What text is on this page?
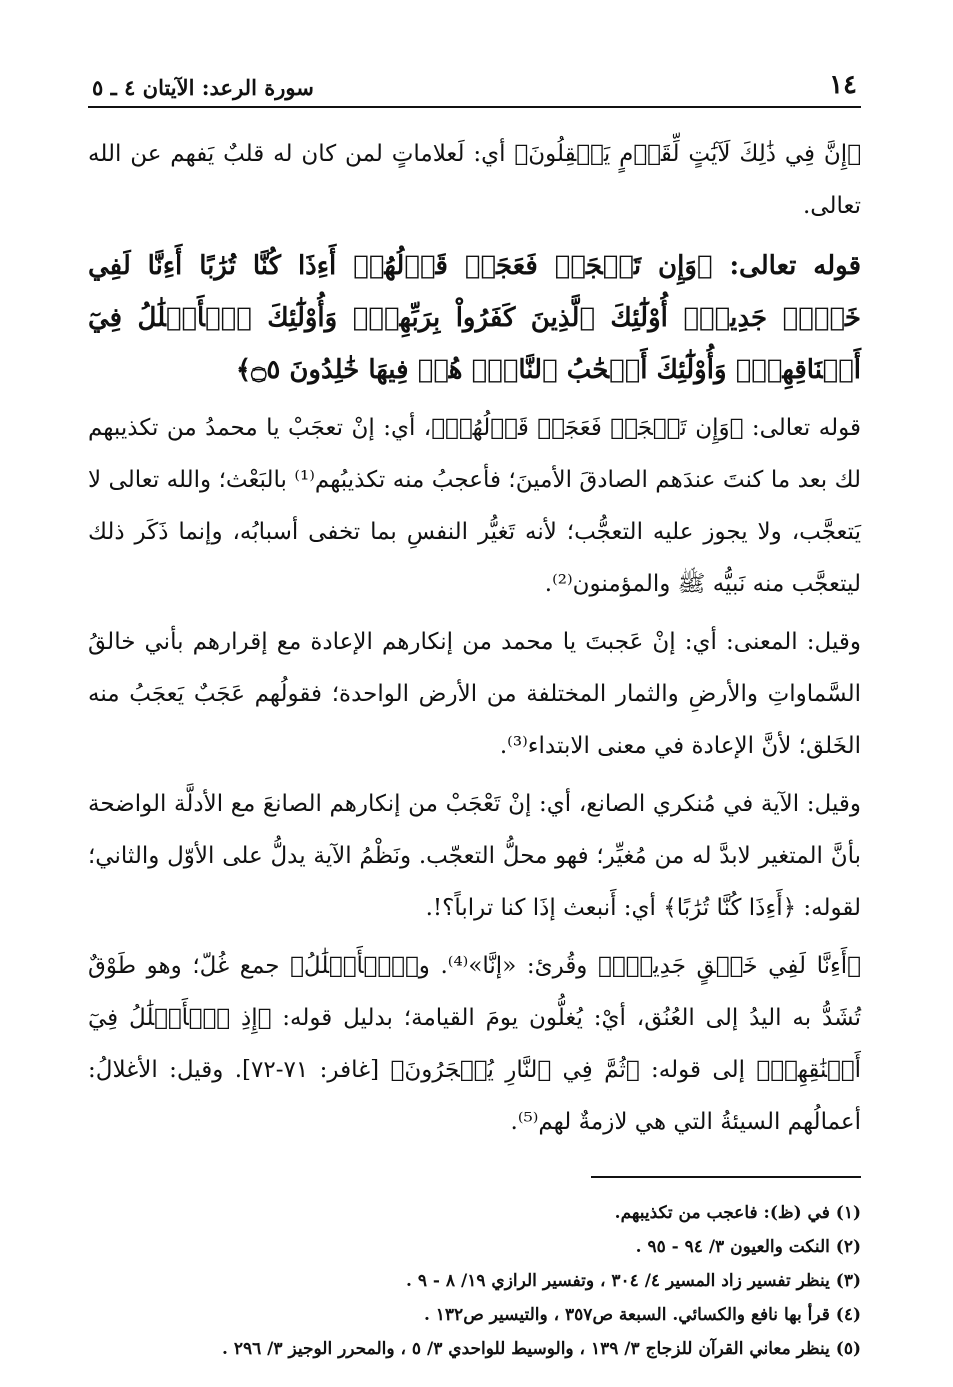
١٤
سورة الرعد: الآيتان ٤ ـ ٥

﴿إِنَّ فِي ذَٰلِكَ لَآيَٰتٍ لِّقَوۡمٍ يَعۡقِلُونَ﴾ أي: لَعلاماتٍ لمن كان له قلبٌ يَفهم عن الله تعالى.

قوله تعالى: ﴿وَإِن تَعۡجَبۡ فَعَجَبٞ قَوۡلُهُمۡ أَءِذَا كُنَّا تُرَٰبًا أَءِنَّا لَفِي خَلۡقٖ جَدِيدٍۗ أُوْلَٰٓئِكَ ٱلَّذِينَ كَفَرُواْ بِرَبِّهِمۡۖ وَأُوْلَٰٓئِكَ ٱلۡأَغۡلَٰلُ فِيٓ أَعۡنَاقِهِمۡۖ وَأُوْلَٰٓئِكَ أَصۡحَٰبُ ٱلنَّارِۖ هُمۡ فِيهَا خَٰلِدُونَ ۝٥﴾

قوله تعالى: ﴿وَإِن تَعۡجَبۡ فَعَجَبٞ قَوۡلُهُمۡ﴾، أي: إنْ تعجَبْ يا محمدُ من تكذيبهم لك بعد ما كنتَ عندَهم الصادقَ الأمينَ؛ فأعجبُ منه تكذيبُهم⁽¹⁾ بالبَعْث؛ والله تعالى لا يَتعجَّب، ولا يجوز عليه التعجُّب؛ لأنه تَغيُّر النفسِ بما تخفى أسبابُه، وإنما ذَكَر ذلك ليتعجَّب منه نَبيُّه ﷺ والمؤمنون⁽²⁾.

وقيل: المعنى: أي: إنْ عَجبتَ يا محمد من إنكارهم الإعادة مع إقرارهم بأني خالقُ السَّماواتِ والأرضِ والثمار المختلفة من الأرض الواحدة؛ فقولُهم عَجَبٌ يَعجَبُ منه الخَلق؛ لأنَّ الإعادة في معنى الابتداء⁽³⁾.

وقيل: الآية في مُنكري الصانع، أي: إنْ تَعْجَبْ من إنكارهم الصانعَ مع الأدلَّة الواضحة بأنَّ المتغير لابدَّ له من مُغيِّر؛ فهو محلُّ التعجّب. ونَظْمُ الآية يدلُّ على الأوّل والثاني؛ لقوله: ﴿أَءِذَا كُنَّا تُرَٰبًا﴾ أي: أَنبعث إذَا كنا تراباً؟!.

﴿أَءِنَّا لَفِي خَلۡقٍ جَدِيدٍۗ﴾ وقُرئ: «إنَّا»⁽⁴⁾. و﴿ٱلۡأَغۡلَٰلُ﴾ جمع غُلّ؛ وهو طَوْقٌ تُشَدُّ به اليدُ إلى العُنُق، أيْ: يُغلُّون يومَ القيامة؛ بدليل قوله: ﴿إِذِ ٱلۡأَغۡلَٰلُ فِيٓ أَعۡنَٰقِهِمۡ﴾ إلى قوله: ﴿ثُمَّ فِي ٱلنَّارِ يُسۡجَرُونَ﴾ [غافر: ٧١-٧٢]. وقيل: الأغلالُ: أعمالُهم السيئةُ التي هي لازمةٌ لهم⁽⁵⁾.

(١) في (ظ): فاعجب من تكذيبهم.

(٢) النكت والعيون ٣/ ٩٤ - ٩٥ .

(٣) ينظر تفسير زاد المسير ٤/ ٣٠٤ ، وتفسير الرازي ١٩/ ٨ - ٩ .

(٤) قرأ بها نافع والكسائي. السبعة ص٣٥٧ ، والتيسير ص١٣٢ .

(٥) ينظر معاني القرآن للزجاج ٣/ ١٣٩ ، والوسيط للواحدي ٣/ ٥ ، والمحرر الوجيز ٣/ ٢٩٦ .
